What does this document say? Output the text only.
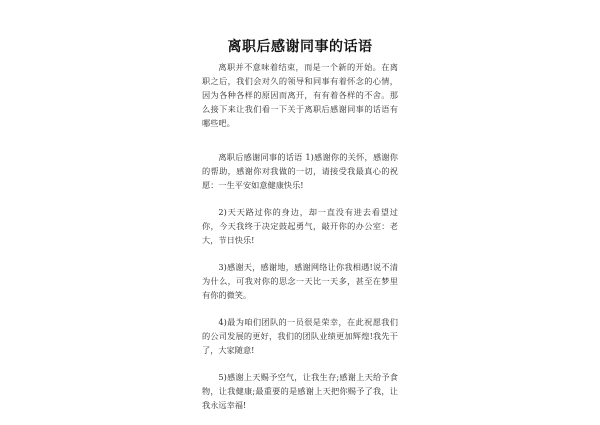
离职后感谢同事的话语

离职并不意味着结束，而是一个新的开始。在离职之后，我们会对久的领导和同事有着怀念的心情，因为各种各样的原因而离开，有有着各样的不舍。那么接下来让我们看一下关于离职后感谢同事的话语有哪些吧。

离职后感谢同事的话语 1)感谢你的关怀，感谢你的帮助，感谢你对我做的一切，请接受我最真心的祝愿：一生平安如意健康快乐!

2)天天路过你的身边，却一直没有进去看望过你，今天我终于决定鼓起勇气，敲开你的办公室：老大，节日快乐!

3)感谢天，感谢地，感谢网络让你我相遇!说不清为什么，可我对你的思念一天比一天多，甚至在梦里有你的微笑。

4)最为咱们团队的一员很是荣幸，在此祝愿我们的公司发展的更好，我们的团队业绩更加辉煌!我先干了，大家随意!

5)感谢上天赐予空气，让我生存;感谢上天给予食物，让我健康;最重要的是感谢上天把你赐予了我，让我永远幸福!
